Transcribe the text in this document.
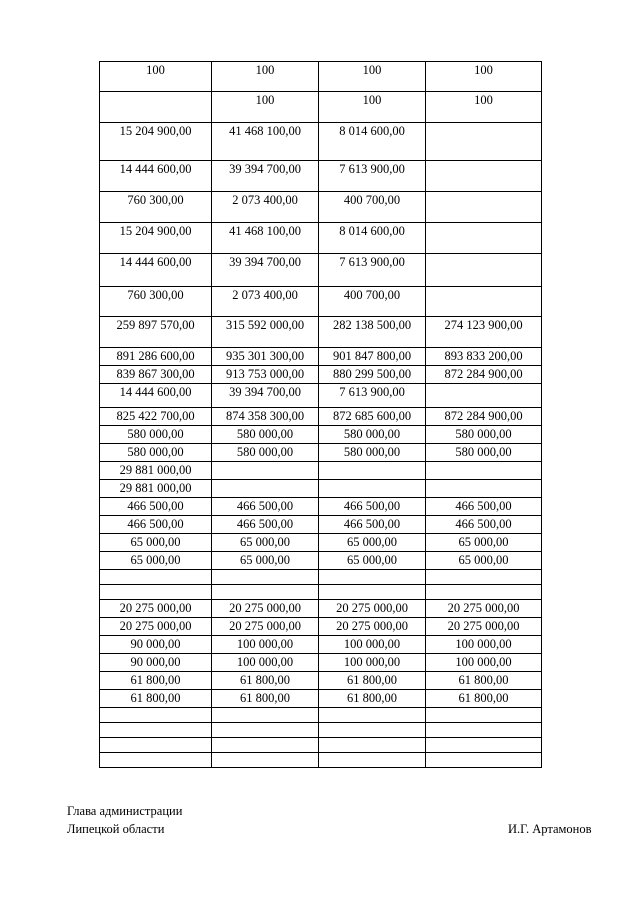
100	100	100	100
	100	100	100
15 204 900,00	41 468 100,00	8 014 600,00	
14 444 600,00	39 394 700,00	7 613 900,00	
760 300,00	2 073 400,00	400 700,00	
15 204 900,00	41 468 100,00	8 014 600,00	
14 444 600,00	39 394 700,00	7 613 900,00	
760 300,00	2 073 400,00	400 700,00	
259 897 570,00	315 592 000,00	282 138 500,00	274 123 900,00
891 286 600,00	935 301 300,00	901 847 800,00	893 833 200,00
839 867 300,00	913 753 000,00	880 299 500,00	872 284 900,00
14 444 600,00	39 394 700,00	7 613 900,00	
825 422 700,00	874 358 300,00	872 685 600,00	872 284 900,00
580 000,00	580 000,00	580 000,00	580 000,00
580 000,00	580 000,00	580 000,00	580 000,00
29 881 000,00			
29 881 000,00			
466 500,00	466 500,00	466 500,00	466 500,00
466 500,00	466 500,00	466 500,00	466 500,00
65 000,00	65 000,00	65 000,00	65 000,00
65 000,00	65 000,00	65 000,00	65 000,00

20 275 000,00	20 275 000,00	20 275 000,00	20 275 000,00
20 275 000,00	20 275 000,00	20 275 000,00	20 275 000,00
90 000,00	100 000,00	100 000,00	100 000,00
90 000,00	100 000,00	100 000,00	100 000,00
61 800,00	61 800,00	61 800,00	61 800,00
61 800,00	61 800,00	61 800,00	61 800,00

Глава администрации
Липецкой области	И.Г. Артамонов
